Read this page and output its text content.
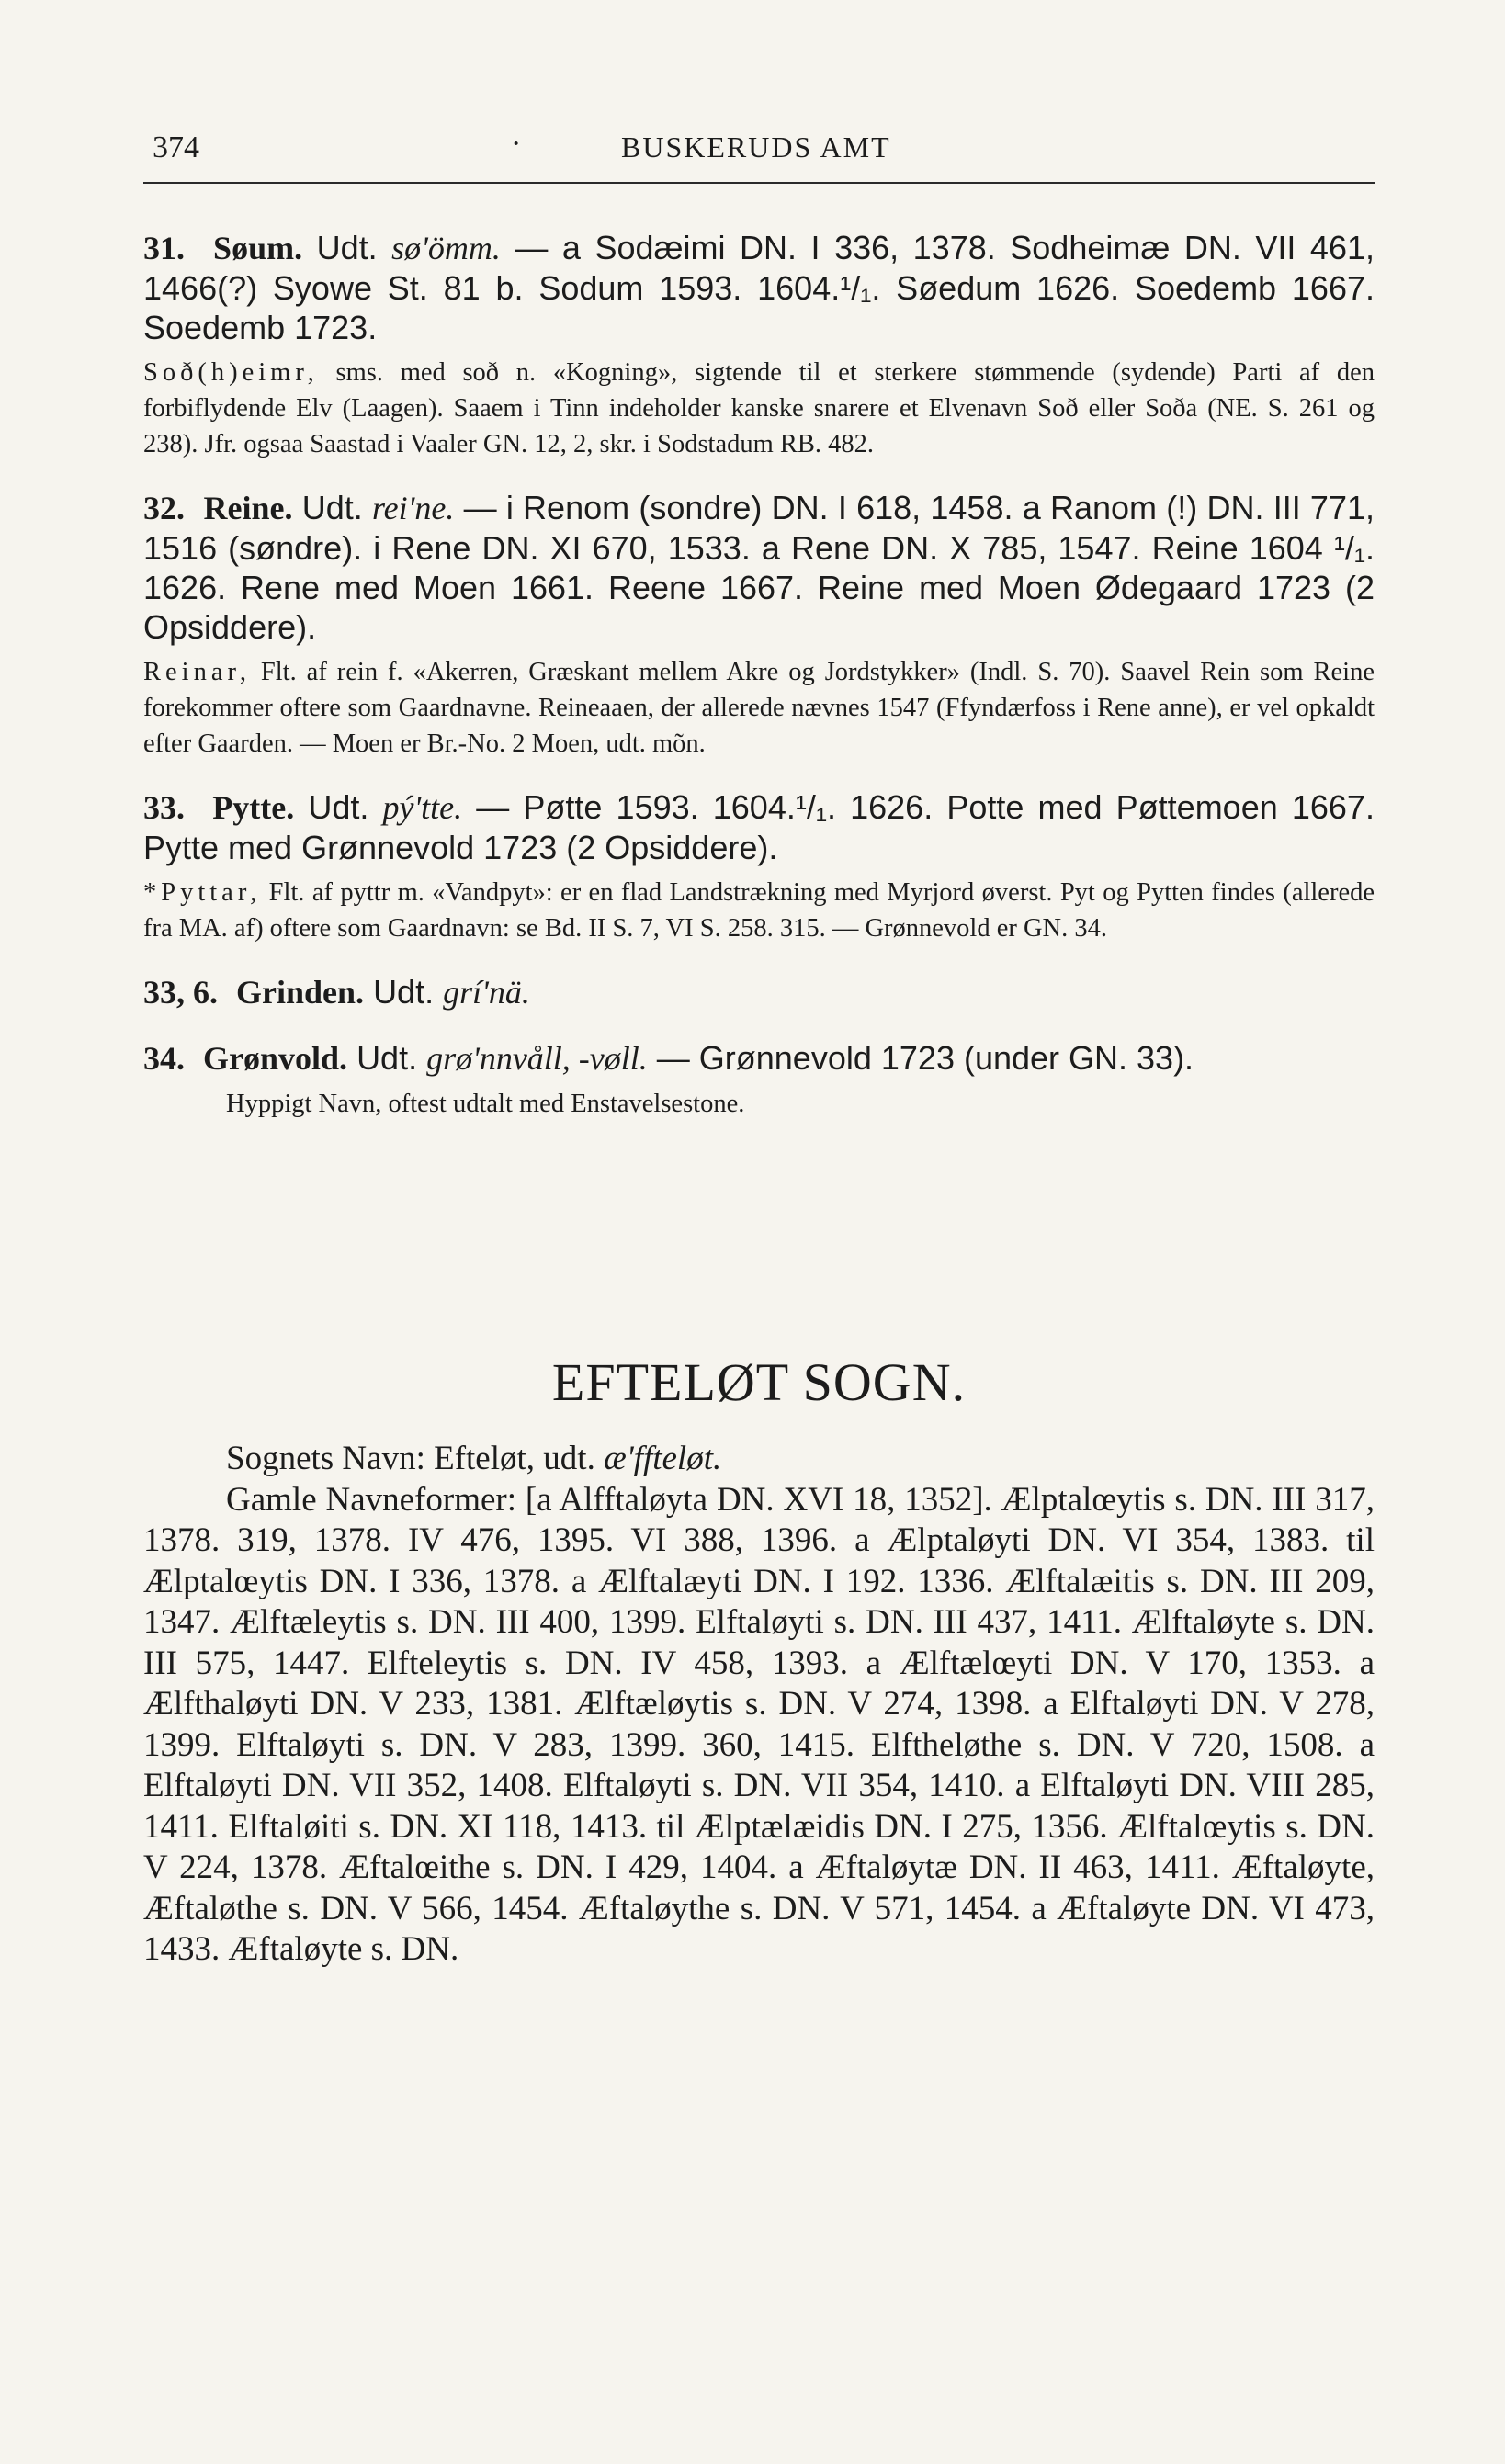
374	·	BUSKERUDS AMT
31. Søum. Udt. sø'ömm. — a Sodæimi DN. I 336, 1378. Sodheimæ DN. VII 461, 1466(?) Syowe St. 81 b. Sodum 1593. 1604.¹/₁. Søedum 1626. Soedemb 1667. Soedemb 1723.

Soð(h)eimr, sms. med soð n. «Kogning», sigtende til et sterkere stømmende (sydende) Parti af den forbiflydende Elv (Laagen). Saaem i Tinn indeholder kanske snarere et Elvenavn Soð eller Soða (NE. S. 261 og 238). Jfr. ogsaa Saastad i Vaaler GN. 12, 2, skr. i Sodstadum RB. 482.

32. Reine. Udt. rei'ne. — i Renom (sondre) DN. I 618, 1458. a Ranom (!) DN. III 771, 1516 (søndre). i Rene DN. XI 670, 1533. a Rene DN. X 785, 1547. Reine 1604 ¹/₁. 1626. Rene med Moen 1661. Reene 1667. Reine med Moen Ødegaard 1723 (2 Opsiddere).

Reinar, Flt. af rein f. «Akerren, Græskant mellem Akre og Jordstykker» (Indl. S. 70). Saavel Rein som Reine forekommer oftere som Gaardnavne. Reineaaen, der allerede nævnes 1547 (Ffyndærfoss i Rene anne), er vel opkaldt efter Gaarden. — Moen er Br.-No. 2 Moen, udt. mõn.

33. Pytte. Udt. pý'tte. — Pøtte 1593. 1604.¹/₁. 1626. Potte med Pøttemoen 1667. Pytte med Grønnevold 1723 (2 Opsiddere).

*Pyttar, Flt. af pyttr m. «Vandpyt»: er en flad Landstrækning med Myrjord øverst. Pyt og Pytten findes (allerede fra MA. af) oftere som Gaardnavn: se Bd. II S. 7, VI S. 258. 315. — Grønnevold er GN. 34.

33, 6. Grinden. Udt. grí'nä.
34. Grønvold. Udt. grø'nnvåll, -vøll. — Grønnevold 1723 (under GN. 33).

Hyppigt Navn, oftest udtalt med Enstavelsestone.

EFTELØT SOGN.
Sognets Navn: Efteløt, udt. æ'ffteløt.
Gamle Navneformer: [a Alfftaløyta DN. XVI 18, 1352]. Ælptalœytis s. DN. III 317, 1378. 319, 1378. IV 476, 1395. VI 388, 1396. a Ælptaløyti DN. VI 354, 1383. til Ælptalœytis DN. I 336, 1378. a Ælftalæyti DN. I 192. 1336. Ælftalæitis s. DN. III 209, 1347. Ælftæleytis s. DN. III 400, 1399. Elftaløyti s. DN. III 437, 1411. Ælftaløyte s. DN. III 575, 1447. Elfteleytis s. DN. IV 458, 1393. a Ælftælœyti DN. V 170, 1353. a Ælfthaløyti DN. V 233, 1381. Ælftæløytis s. DN. V 274, 1398. a Elftaløyti DN. V 278, 1399. Elftaløyti s. DN. V 283, 1399. 360, 1415. Elftheløthe s. DN. V 720, 1508. a Elftaløyti DN. VII 352, 1408. Elftaløyti s. DN. VII 354, 1410. a Elftaløyti DN. VIII 285, 1411. Elftaløiti s. DN. XI 118, 1413. til Ælptælæidis DN. I 275, 1356. Ælftalœytis s. DN. V 224, 1378. Æftalœithe s. DN. I 429, 1404. a Æftaløytæ DN. II 463, 1411. Æftaløyte, Æftaløthe s. DN. V 566, 1454. Æftaløythe s. DN. V 571, 1454. a Æftaløyte DN. VI 473, 1433. Æftaløyte s. DN.
